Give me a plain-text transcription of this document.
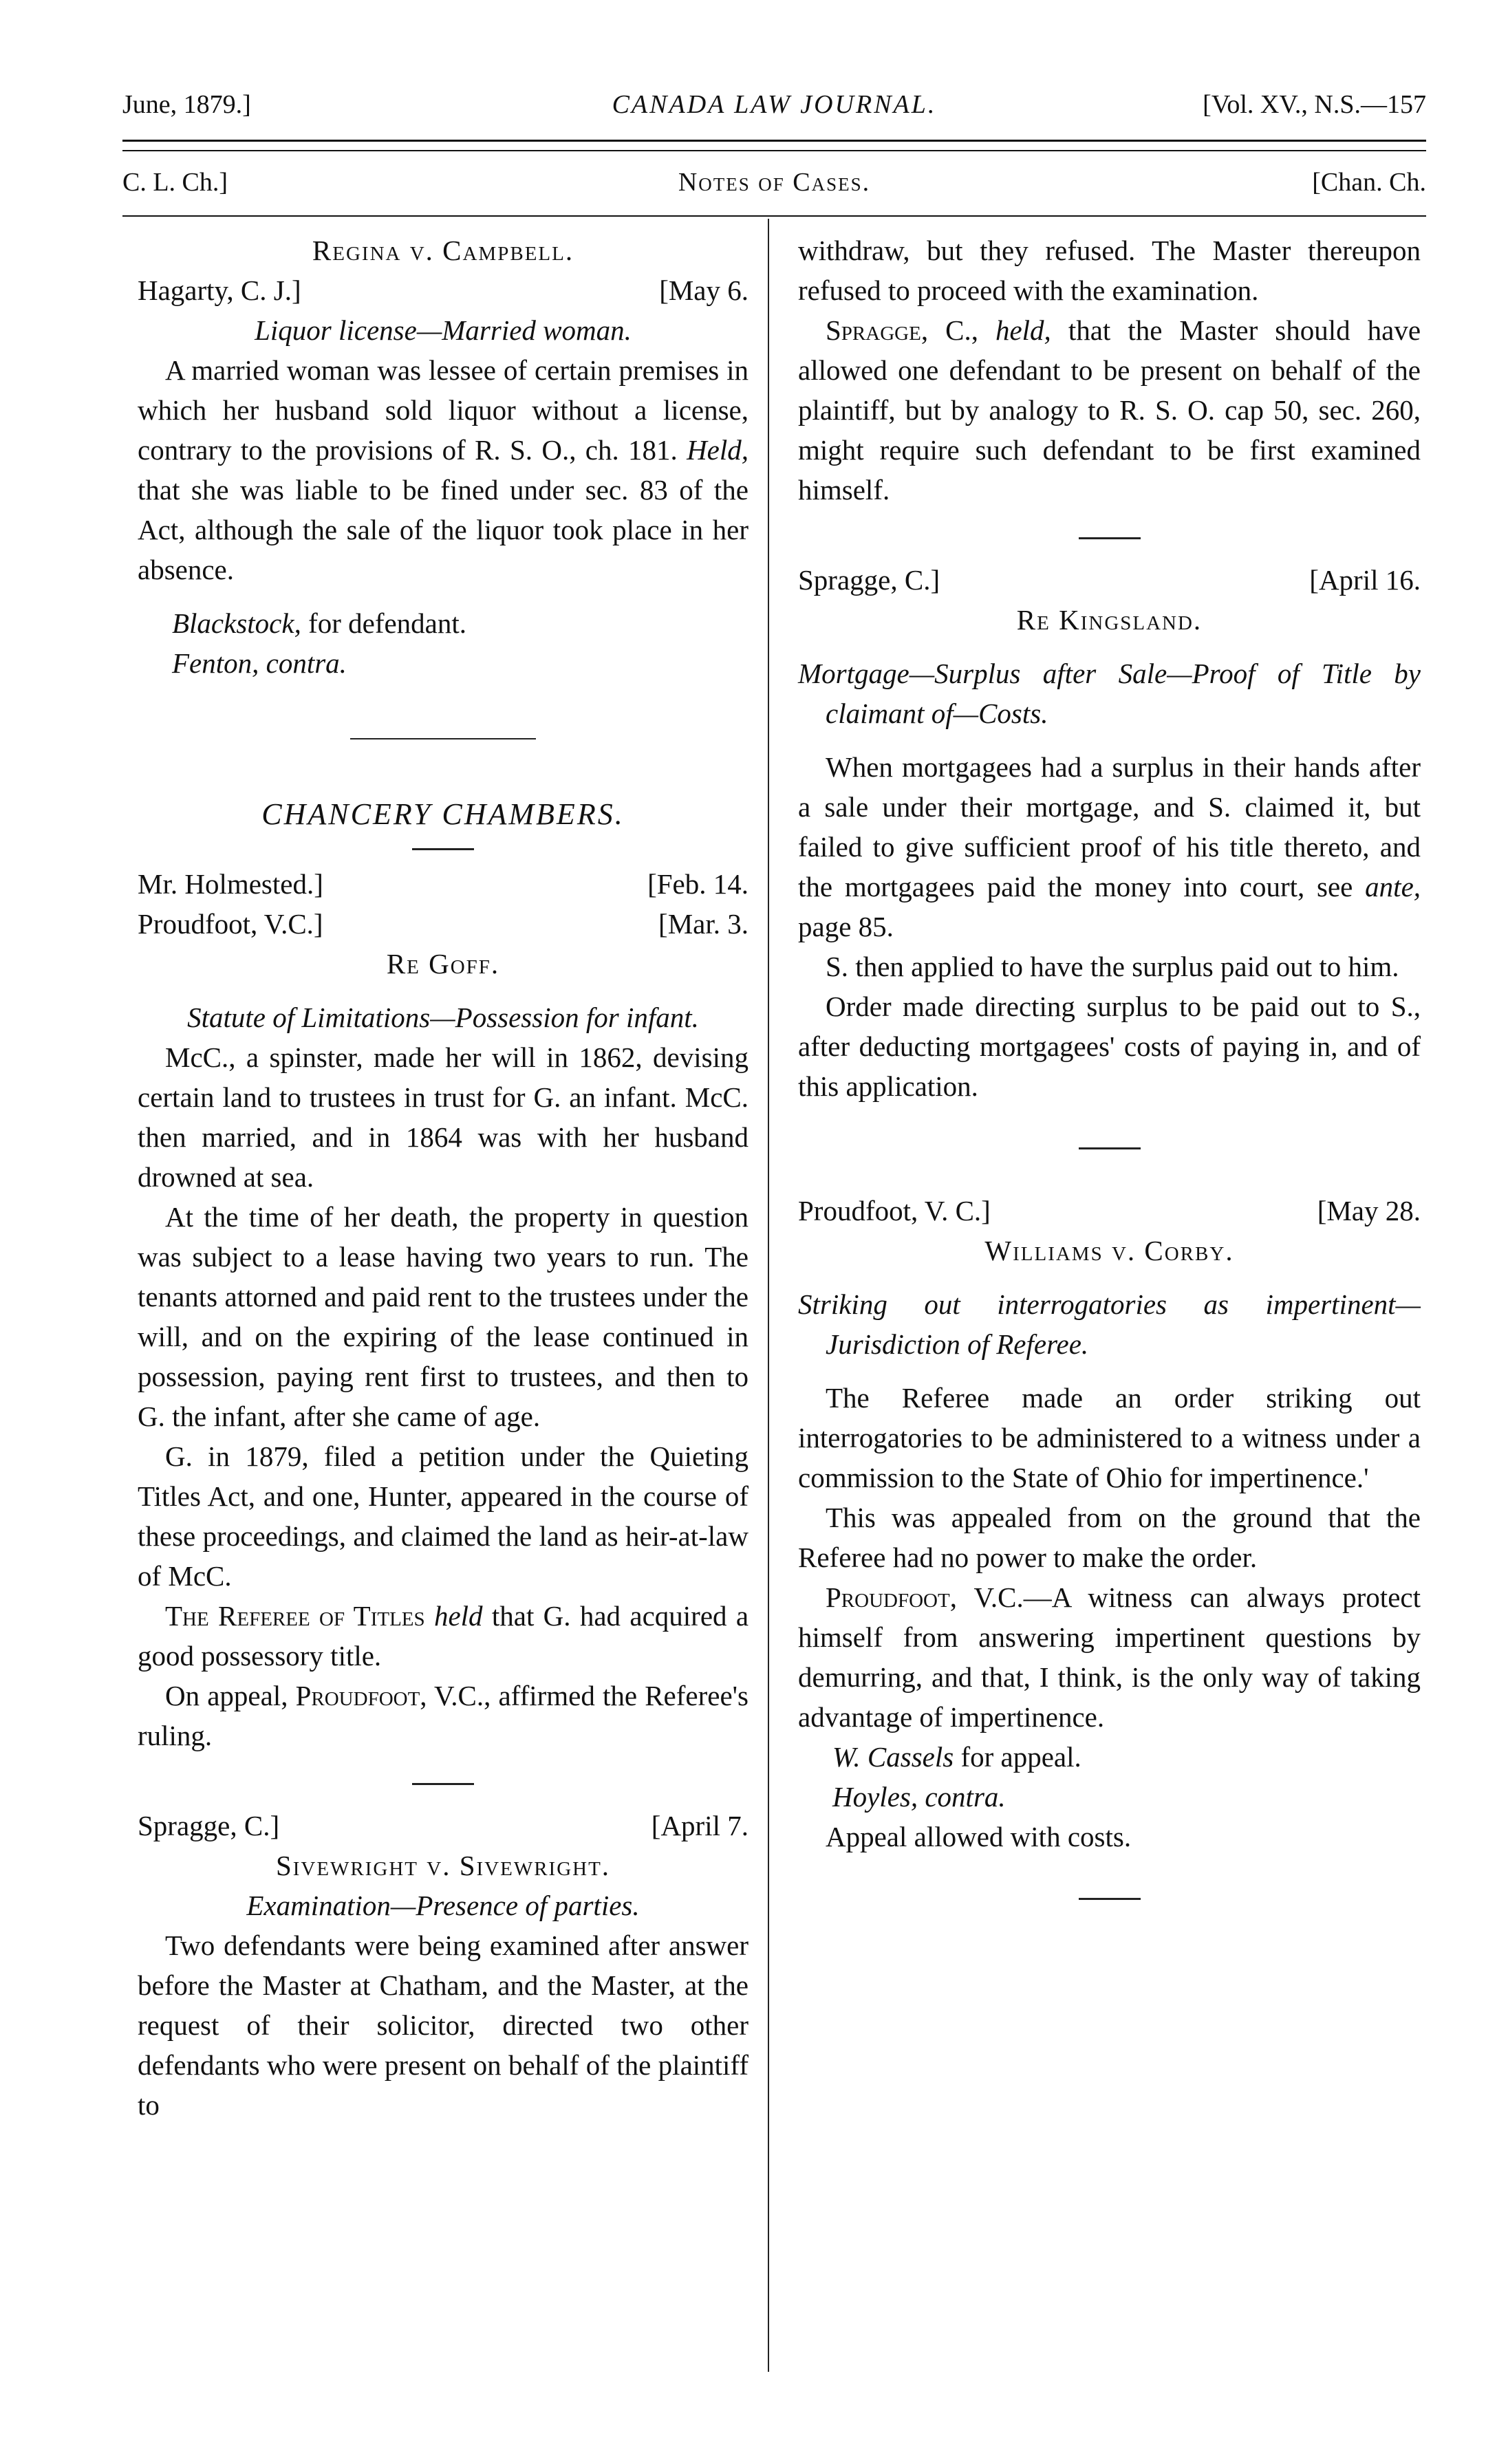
June, 1879.]	CANADA LAW JOURNAL.	[Vol. XV., N.S.—157
C. L. Ch.]	Notes of Cases.	[Chan. Ch.

Regina v. Campbell.

Hagarty, C. J.]	[May 6.

Liquor license—Married woman.

A married woman was lessee of certain premises in which her husband sold liquor without a license, contrary to the provisions of R. S. O., ch. 181. Held, that she was liable to be fined under sec. 83 of the Act, although the sale of the liquor took place in her absence.

Blackstock, for defendant.

Fenton, contra.

CHANCERY CHAMBERS.

Mr. Holmested.]	[Feb. 14.

Proudfoot, V.C.]	[Mar. 3.

Re Goff.

Statute of Limitations—Possession for infant.

McC., a spinster, made her will in 1862, devising certain land to trustees in trust for G. an infant. McC. then married, and in 1864 was with her husband drowned at sea.

At the time of her death, the property in question was subject to a lease having two years to run. The tenants attorned and paid rent to the trustees under the will, and on the expiring of the lease continued in possession, paying rent first to trustees, and then to G. the infant, after she came of age.

G. in 1879, filed a petition under the Quieting Titles Act, and one, Hunter, appeared in the course of these proceedings, and claimed the land as heir-at-law of McC.

The Referee of Titles held that G. had acquired a good possessory title.

On appeal, Proudfoot, V.C., affirmed the Referee's ruling.

Spragge, C.]	[April 7.

Sivewright v. Sivewright.

Examination—Presence of parties.

Two defendants were being examined after answer before the Master at Chatham, and the Master, at the request of their solicitor, directed two other defendants who were present on behalf of the plaintiff to

withdraw, but they refused. The Master thereupon refused to proceed with the examination.

Spragge, C., held, that the Master should have allowed one defendant to be present on behalf of the plaintiff, but by analogy to R. S. O. cap 50, sec. 260, might require such defendant to be first examined himself.

Spragge, C.]	[April 16.

Re Kingsland.

Mortgage—Surplus after Sale—Proof of Title by claimant of—Costs.

When mortgagees had a surplus in their hands after a sale under their mortgage, and S. claimed it, but failed to give sufficient proof of his title thereto, and the mortgagees paid the money into court, see ante, page 85.

S. then applied to have the surplus paid out to him.

Order made directing surplus to be paid out to S., after deducting mortgagees' costs of paying in, and of this application.

Proudfoot, V. C.]	[May 28.

Williams v. Corby.

Striking out interrogatories as impertinent—Jurisdiction of Referee.

The Referee made an order striking out interrogatories to be administered to a witness under a commission to the State of Ohio for impertinence.'

This was appealed from on the ground that the Referee had no power to make the order.

Proudfoot, V.C.—A witness can always protect himself from answering impertinent questions by demurring, and that, I think, is the only way of taking advantage of impertinence.

W. Cassels for appeal.

Hoyles, contra.

Appeal allowed with costs.
